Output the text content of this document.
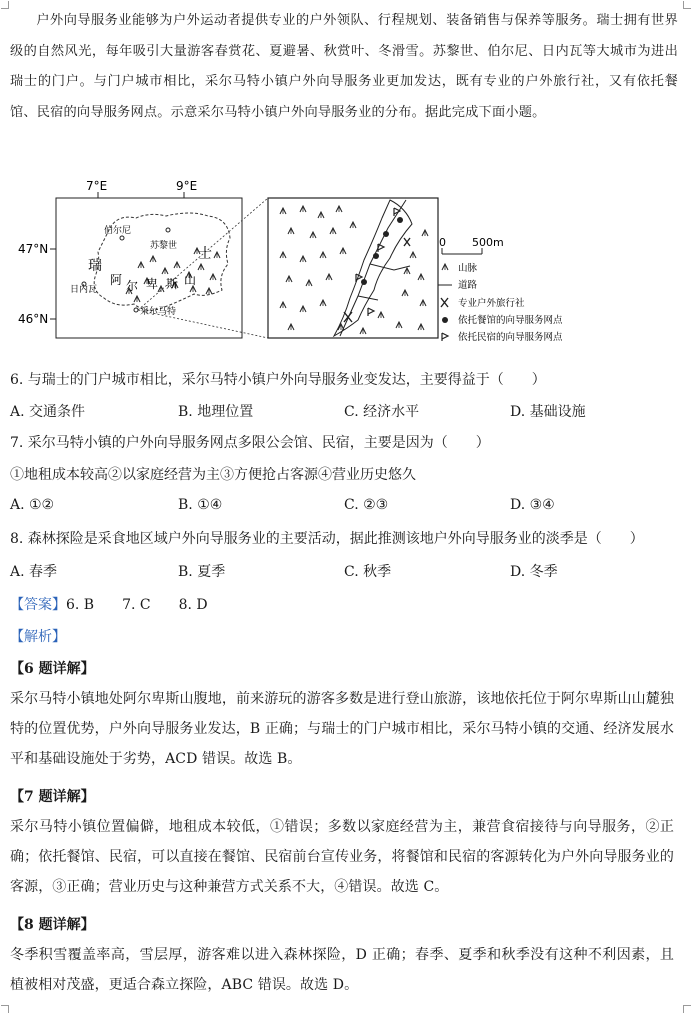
户外向导服务业能够为户外运动者提供专业的户外领队、行程规划、装备销售与保养等服务。瑞士拥有世界级的自然风光，每年吸引大量游客春赏花、夏避暑、秋赏叶、冬滑雪。苏黎世、伯尔尼、日内瓦等大城市为进出瑞士的门户。与门户城市相比，采尔马特小镇户外向导服务业更加发达，既有专业的户外旅行社，又有依托餐馆、民宿的向导服务网点。示意采尔马特小镇户外向导服务业的分布。据此完成下面小题。

7°E	9°E
47°N
46°N
伯尔尼
苏黎世
日内瓦
采尔马特
瑞
士
阿 尔 卑 斯 山
0 500m
山脉
道路
专业户外旅行社
依托餐馆的向导服务网点
依托民宿的向导服务网点
6. 与瑞士的门户城市相比，采尔马特小镇户外向导服务业变发达，主要得益于（　　）
A. 交通条件	B. 地理位置	C. 经济水平	D. 基础设施
7. 采尔马特小镇的户外向导服务网点多限公会馆、民宿，主要是因为（　　）
①地租成本较高②以家庭经营为主③方便抢占客源④营业历史悠久
A. ①②	B. ①④	C. ②③	D. ③④
8. 森林探险是采食地区域户外向导服务业的主要活动，据此推测该地户外向导服务业的淡季是（　　）
A. 春季	B. 夏季	C. 秋季	D. 冬季
【答案】6. B　　7. C　　8. D
【解析】
【6 题详解】
采尔马特小镇地处阿尔卑斯山腹地，前来游玩的游客多数是进行登山旅游，该地依托位于阿尔卑斯山山麓独特的位置优势，户外向导服务业发达，B 正确；与瑞士的门户城市相比，采尔马特小镇的交通、经济发展水平和基础设施处于劣势，ACD 错误。故选 B。
【7 题详解】
采尔马特小镇位置偏僻，地租成本较低，①错误；多数以家庭经营为主，兼营食宿接待与向导服务，②正确；依托餐馆、民宿，可以直接在餐馆、民宿前台宣传业务，将餐馆和民宿的客源转化为户外向导服务业的客源，③正确；营业历史与这种兼营方式关系不大，④错误。故选 C。
【8 题详解】
冬季积雪覆盖率高，雪层厚，游客难以进入森林探险，D 正确；春季、夏季和秋季没有这种不利因素，且植被相对茂盛，更适合森立探险，ABC 错误。故选 D。
